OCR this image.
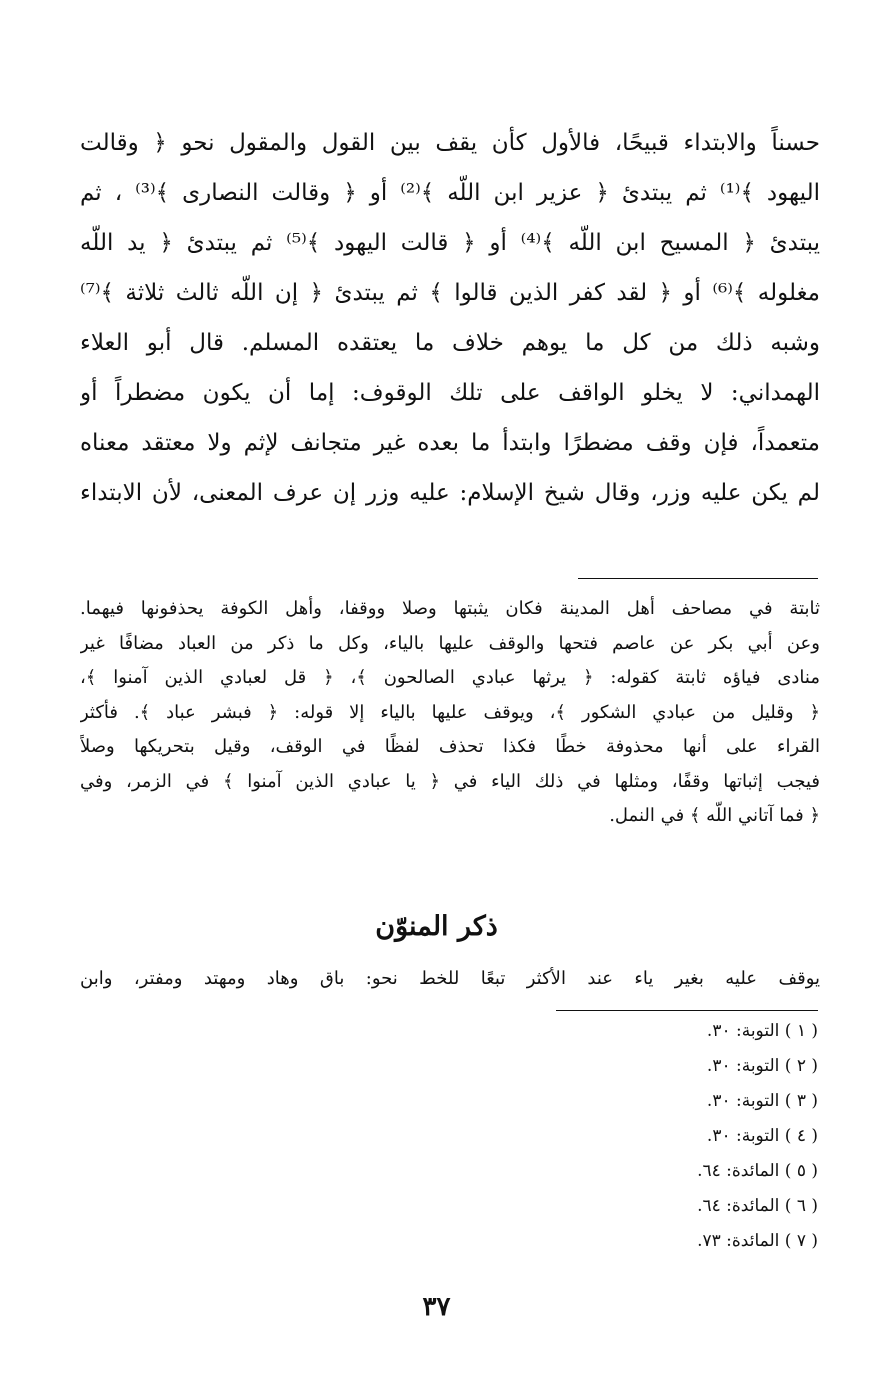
حسناً والابتداء قبيحًا، فالأول كأن يقف بين القول والمقول نحو ﴿ وقالت
اليهود ﴾⁽¹⁾ ثم يبتدئ ﴿ عزير ابن اللّه ﴾⁽²⁾ أو ﴿ وقالت النصارى ﴾⁽³⁾ ، ثم
يبتدئ ﴿ المسيح ابن اللّه ﴾⁽⁴⁾ أو ﴿ قالت اليهود ﴾⁽⁵⁾ ثم يبتدئ ﴿ يد اللّه
مغلوله ﴾⁽⁶⁾ أو ﴿ لقد كفر الذين قالوا ﴾ ثم يبتدئ ﴿ إن اللّه ثالث ثلاثة ﴾⁽⁷⁾
وشبه ذلك من كل ما يوهم خلاف ما يعتقده المسلم. قال أبو العلاء
الهمداني: لا يخلو الواقف على تلك الوقوف: إما أن يكون مضطراً أو
متعمداً، فإن وقف مضطرًا وابتدأ ما بعده غير متجانف لإثم ولا معتقد معناه
لم يكن عليه وزر، وقال شيخ الإسلام: عليه وزر إن عرف المعنى، لأن الابتداء
ثابتة في مصاحف أهل المدينة فكان يثبتها وصلا ووقفا، وأهل الكوفة يحذفونها فيهما.
وعن أبي بكر عن عاصم فتحها والوقف عليها بالياء، وكل ما ذكر من العباد مضافًا غير
منادى فياؤه ثابتة كقوله: ﴿ يرثها عبادي الصالحون ﴾، ﴿ قل لعبادي الذين آمنوا ﴾،
﴿ وقليل من عبادي الشكور ﴾، ويوقف عليها بالياء إلا قوله: ﴿ فبشر عباد ﴾. فأكثر
القراء على أنها محذوفة خطًا فكذا تحذف لفظًا في الوقف، وقيل بتحريكها وصلاً
فيجب إثباتها وقفًا، ومثلها في ذلك الياء في ﴿ يا عبادي الذين آمنوا ﴾ في الزمر، وفي
﴿ فما آتاني اللّه ﴾ في النمل.
ذكر المنوّن
يوقف عليه بغير ياء عند الأكثر تبعًا للخط نحو: باق وهاد ومهتد ومفتر، وابن
( ١ ) التوبة: ٣٠.
( ٢ ) التوبة: ٣٠.
( ٣ ) التوبة: ٣٠.
( ٤ ) التوبة: ٣٠.
( ٥ ) المائدة: ٦٤.
( ٦ ) المائدة: ٦٤.
( ٧ ) المائدة: ٧٣.
٣٧
